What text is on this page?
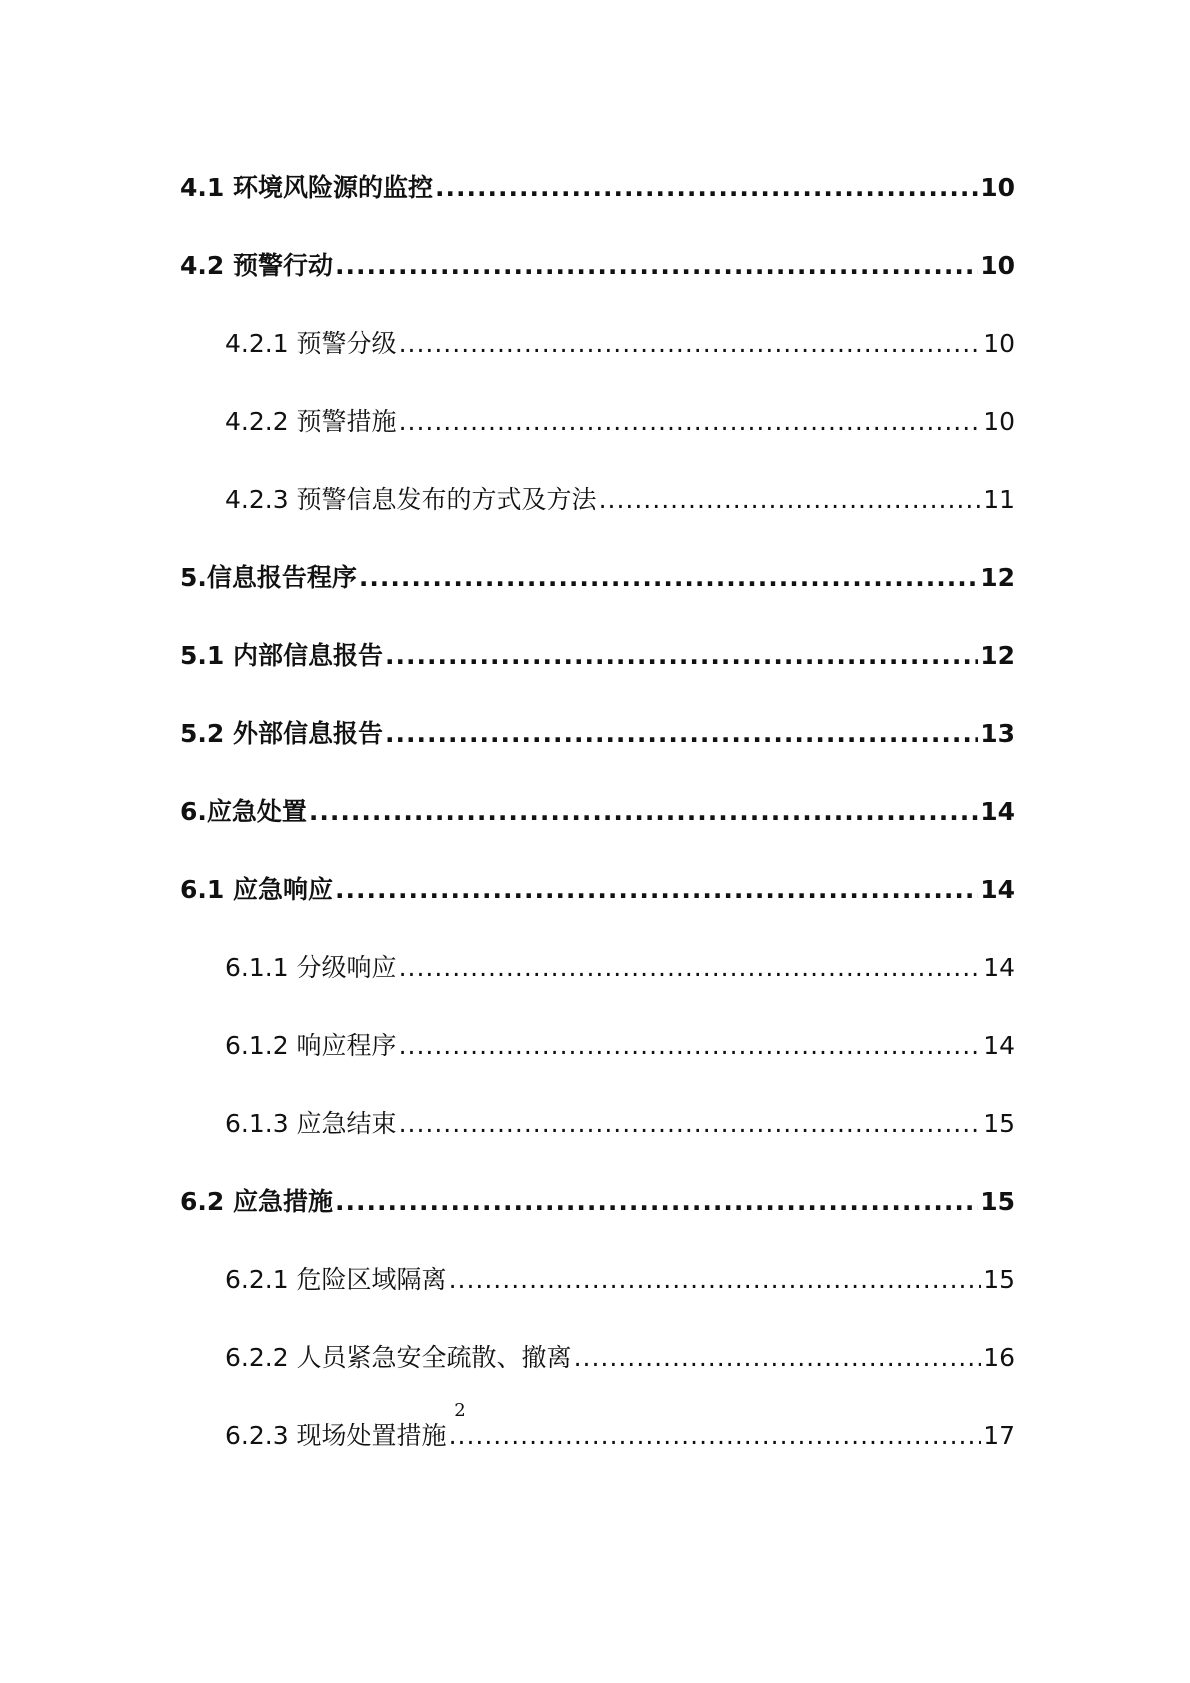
4.1 环境风险源的监控 .....	10
4.2 预警行动 .....	10
4.2.1 预警分级 .....	10
4.2.2 预警措施 .....	10
4.2.3 预警信息发布的方式及方法 .....	11
5.信息报告程序 .....	12
5.1 内部信息报告 .....	12
5.2 外部信息报告 .....	13
6.应急处置 .....	14
6.1 应急响应 .....	14
6.1.1 分级响应 .....	14
6.1.2 响应程序 .....	14
6.1.3 应急结束 .....	15
6.2 应急措施 .....	15
6.2.1 危险区域隔离 .....	15
6.2.2 人员紧急安全疏散、撤离 .....	16
6.2.3 现场处置措施 .....	17
2
